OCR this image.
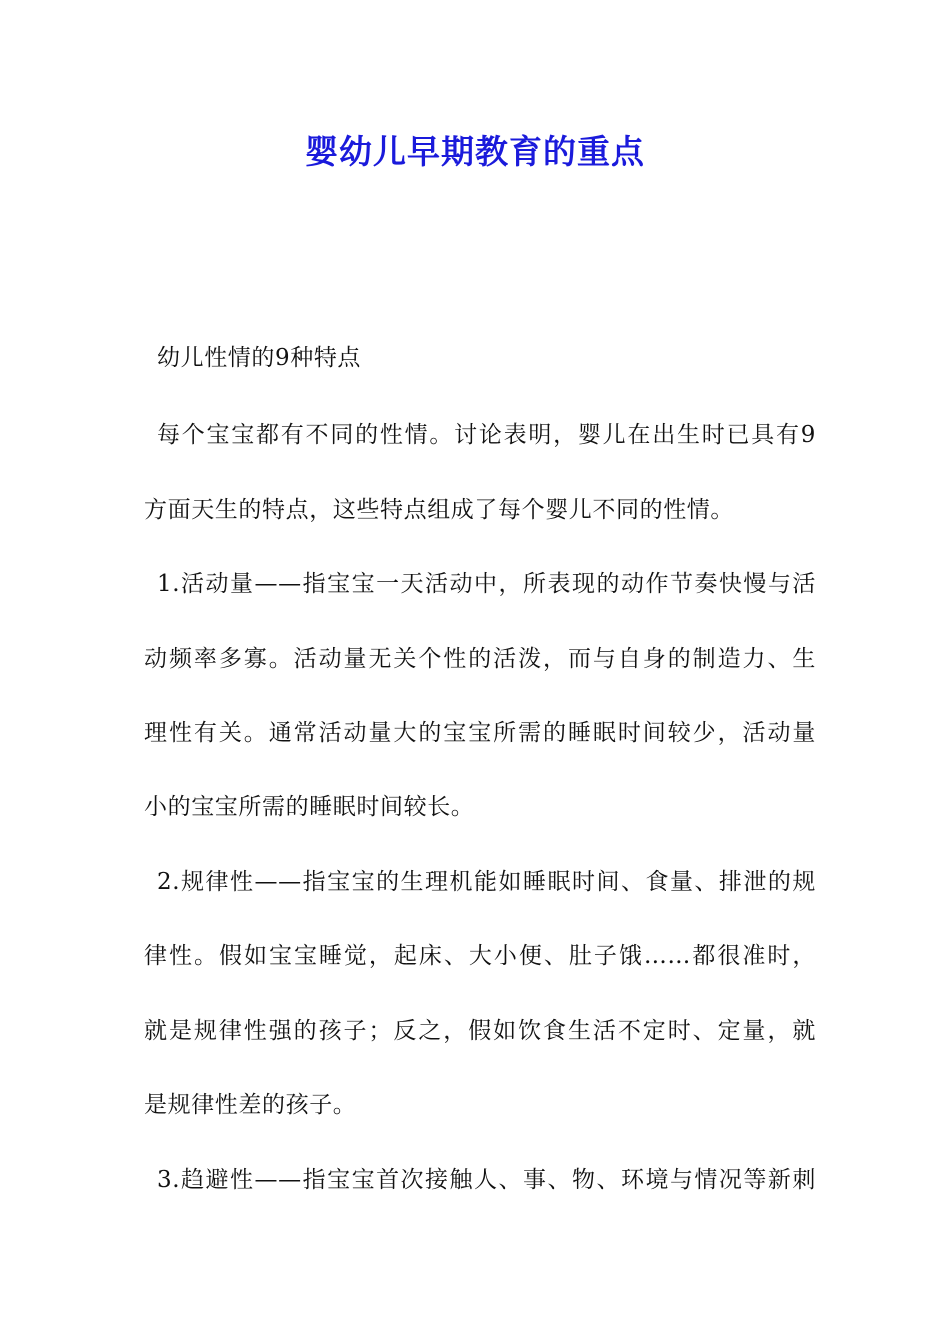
婴幼儿早期教育的重点
幼儿性情的9种特点
每个宝宝都有不同的性情。讨论表明，婴儿在出生时已具有9
方面天生的特点，这些特点组成了每个婴儿不同的性情。
1.活动量——指宝宝一天活动中，所表现的动作节奏快慢与活
动频率多寡。活动量无关个性的活泼，而与自身的制造力、生
理性有关。通常活动量大的宝宝所需的睡眠时间较少，活动量
小的宝宝所需的睡眠时间较长。
2.规律性——指宝宝的生理机能如睡眠时间、食量、排泄的规
律性。假如宝宝睡觉，起床、大小便、肚子饿……都很准时，
就是规律性强的孩子；反之，假如饮食生活不定时、定量，就
是规律性差的孩子。
3.趋避性——指宝宝首次接触人、事、物、环境与情况等新刺
